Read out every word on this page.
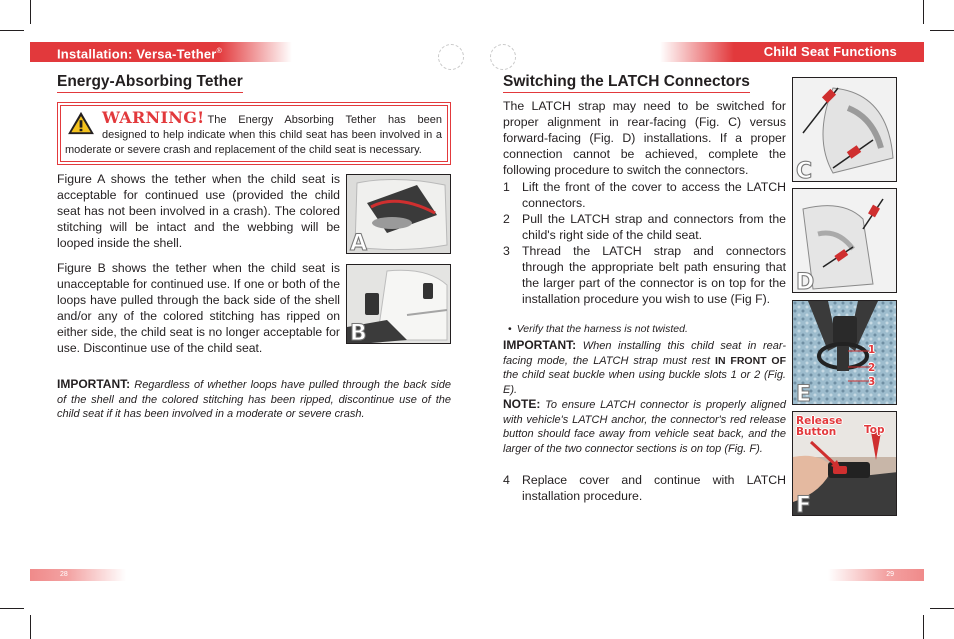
Installation: Versa-Tether®	Child Seat Functions
Energy-Absorbing Tether
WARNING! The Energy Absorbing Tether has been designed to help indicate when this child seat has been involved in a moderate or severe crash and replacement of the child seat is necessary.
Figure A shows the tether when the child seat is acceptable for continued use (provided the child seat has not been involved in a crash). The colored stitching will be intact and the webbing will be looped inside the shell.
Figure B shows the tether when the child seat is unacceptable for continued use. If one or both of the loops have pulled through the back side of the shell and/or any of the colored stitching has ripped on either side, the child seat is no longer acceptable for use. Discontinue use of the child seat.
IMPORTANT: Regardless of whether loops have pulled through the back side of the shell and the colored stitching has been ripped, discontinue use of the child seat if it has been involved in a moderate or severe crash.
A
B
Switching the LATCH Connectors
The LATCH strap may need to be switched for proper alignment in rear-facing (Fig. C) versus forward-facing (Fig. D) installations. If a proper connection cannot be achieved, complete the following procedure to switch the connectors.
1 Lift the front of the cover to access the LATCH connectors.
2 Pull the LATCH strap and connectors from the child's right side of the child seat.
3 Thread the LATCH strap and connectors through the appropriate belt path ensuring that the larger part of the connector is on top for the installation procedure you wish to use (Fig F).
• Verify that the harness is not twisted.
IMPORTANT: When installing this child seat in rear-facing mode, the LATCH strap must rest IN FRONT OF the child seat buckle when using buckle slots 1 or 2 (Fig. E).
NOTE: To ensure LATCH connector is properly aligned with vehicle's LATCH anchor, the connector's red release button should face away from vehicle seat back, and the larger of the two connector sections is on top (Fig. F).
4 Replace cover and continue with LATCH installation procedure.
C
D
1
2
3
E
Release Button	Top
F
28	29
